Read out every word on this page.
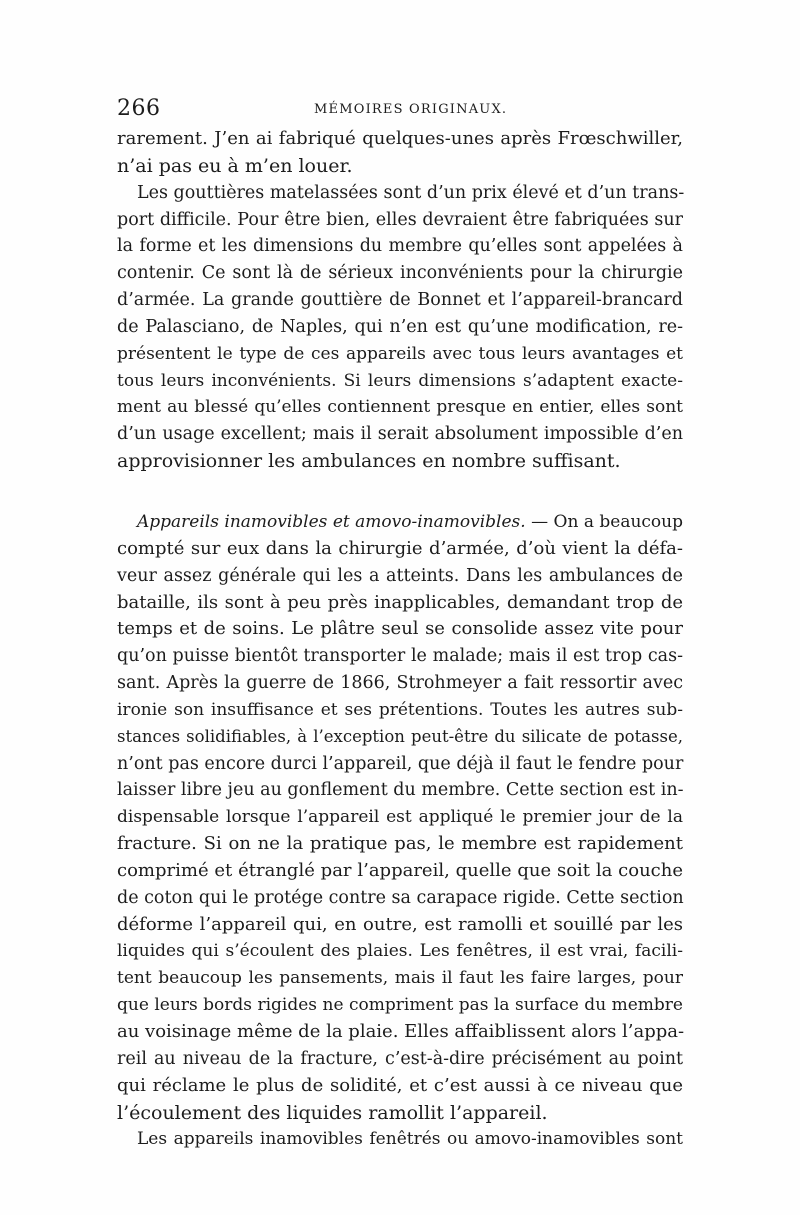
266	MÉMOIRES ORIGINAUX.
rarement. J’en ai fabriqué quelques-unes après Frœschwiller,
n’ai pas eu à m’en louer.
Les gouttières matelassées sont d’un prix élevé et d’un trans-
port difficile. Pour être bien, elles devraient être fabriquées sur
la forme et les dimensions du membre qu’elles sont appelées à
contenir. Ce sont là de sérieux inconvénients pour la chirurgie
d’armée. La grande gouttière de Bonnet et l’appareil-brancard
de Palasciano, de Naples, qui n’en est qu’une modification, re-
présentent le type de ces appareils avec tous leurs avantages et
tous leurs inconvénients. Si leurs dimensions s’adaptent exacte-
ment au blessé qu’elles contiennent presque en entier, elles sont
d’un usage excellent; mais il serait absolument impossible d’en
approvisionner les ambulances en nombre suffisant.
Appareils inamovibles et amovo-inamovibles. — On a beaucoup
compté sur eux dans la chirurgie d’armée, d’où vient la défa-
veur assez générale qui les a atteints. Dans les ambulances de
bataille, ils sont à peu près inapplicables, demandant trop de
temps et de soins. Le plâtre seul se consolide assez vite pour
qu’on puisse bientôt transporter le malade; mais il est trop cas-
sant. Après la guerre de 1866, Strohmeyer a fait ressortir avec
ironie son insuffisance et ses prétentions. Toutes les autres sub-
stances solidifiables, à l’exception peut-être du silicate de potasse,
n’ont pas encore durci l’appareil, que déjà il faut le fendre pour
laisser libre jeu au gonflement du membre. Cette section est in-
dispensable lorsque l’appareil est appliqué le premier jour de la
fracture. Si on ne la pratique pas, le membre est rapidement
comprimé et étranglé par l’appareil, quelle que soit la couche
de coton qui le protége contre sa carapace rigide. Cette section
déforme l’appareil qui, en outre, est ramolli et souillé par les
liquides qui s’écoulent des plaies. Les fenêtres, il est vrai, facili-
tent beaucoup les pansements, mais il faut les faire larges, pour
que leurs bords rigides ne compriment pas la surface du membre
au voisinage même de la plaie. Elles affaiblissent alors l’appa-
reil au niveau de la fracture, c’est-à-dire précisément au point
qui réclame le plus de solidité, et c’est aussi à ce niveau que
l’écoulement des liquides ramollit l’appareil.
Les appareils inamovibles fenêtrés ou amovo-inamovibles sont
